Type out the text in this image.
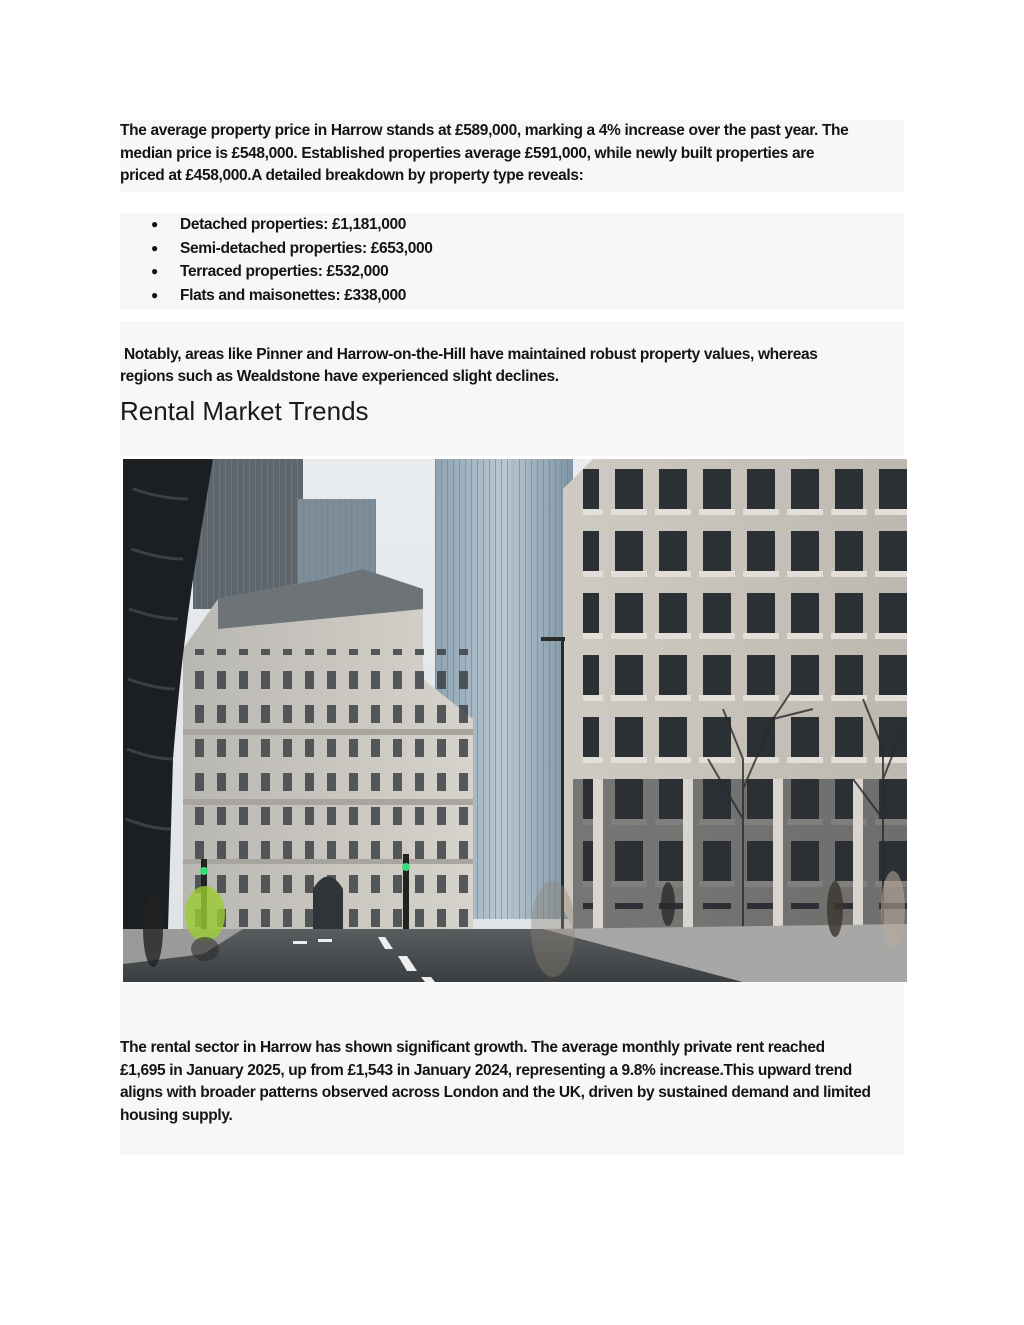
The average property price in Harrow stands at £589,000, marking a 4% increase over the past year. The
median price is £548,000. Established properties average £591,000, while newly built properties are
priced at £458,000.A detailed breakdown by property type reveals:

● Detached properties: £1,181,000
● Semi-detached properties: £653,000
● Terraced properties: £532,000
● Flats and maisonettes: £338,000

Notably, areas like Pinner and Harrow-on-the-Hill have maintained robust property values, whereas
regions such as Wealdstone have experienced slight declines.

Rental Market Trends

The rental sector in Harrow has shown significant growth. The average monthly private rent reached
£1,695 in January 2025, up from £1,543 in January 2024, representing a 9.8% increase.This upward trend
aligns with broader patterns observed across London and the UK, driven by sustained demand and limited
housing supply.
